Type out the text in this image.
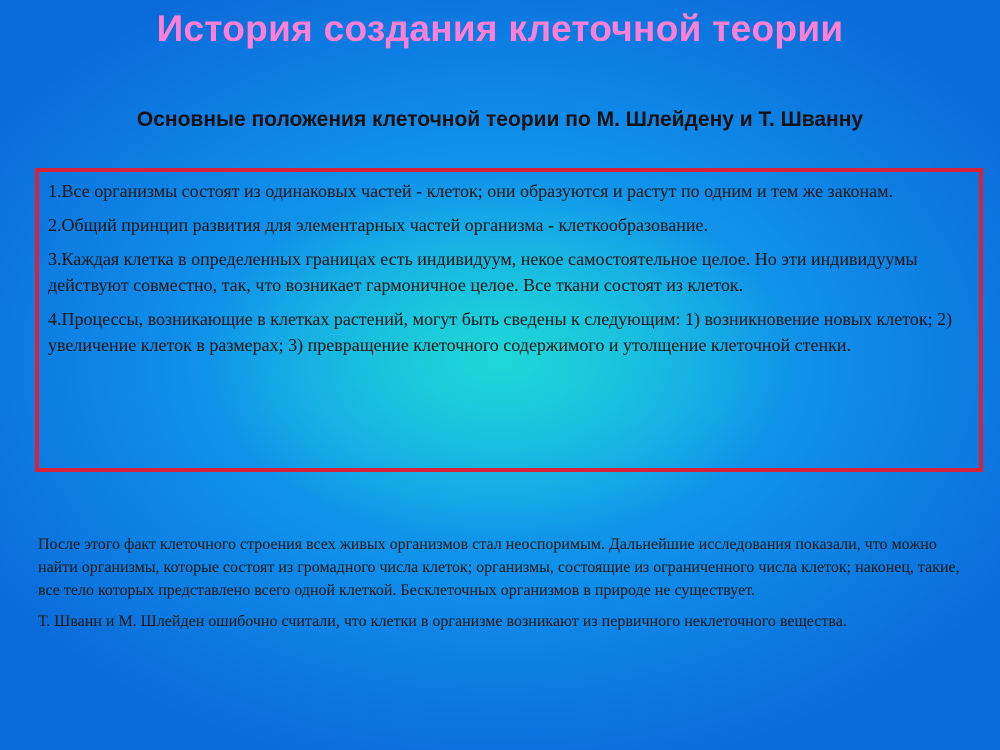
История создания клеточной теории
Основные положения клеточной теории по М. Шлейдену и Т. Шванну
1.Все организмы состоят из одинаковых частей - клеток; они образуются и растут по одним и тем же законам.
2.Общий принцип развития для элементарных частей организма - клеткообразование.
3.Каждая клетка в определенных границах есть индивидуум, некое самостоятельное целое. Но эти индивидуумы действуют совместно, так, что возникает гармоничное целое. Все ткани состоят из клеток.
4.Процессы, возникающие в клетках растений, могут быть сведены к следующим: 1) возникновение новых клеток; 2) увеличение клеток в размерах; 3) превращение клеточного содержимого и утолщение клеточной стенки.

После этого факт клеточного строения всех живых организмов стал неоспоримым. Дальнейшие исследования показали, что можно найти организмы, которые состоят из громадного числа клеток; организмы, состоящие из ограниченного числа клеток; наконец, такие, все тело которых представлено всего одной клеткой. Бесклеточных организмов в природе не существует.

Т. Шванн и М. Шлейден ошибочно считали, что клетки в организме возникают из первичного неклеточного вещества.
